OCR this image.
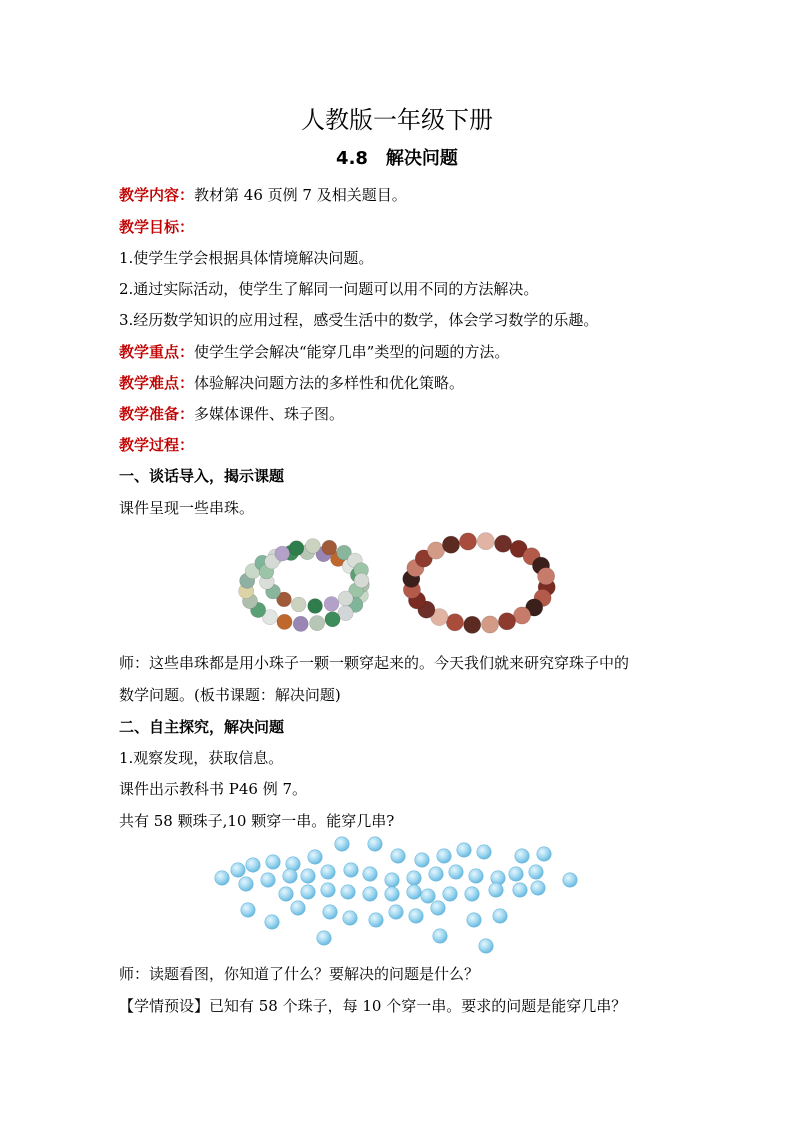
人教版一年级下册
4.8　解决问题
教学内容：教材第 46 页例 7 及相关题目。
教学目标：
1.使学生学会根据具体情境解决问题。
2.通过实际活动，使学生了解同一问题可以用不同的方法解决。
3.经历数学知识的应用过程，感受生活中的数学，体会学习数学的乐趣。
教学重点：使学生学会解决“能穿几串”类型的问题的方法。
教学难点：体验解决问题方法的多样性和优化策略。
教学准备：多媒体课件、珠子图。
教学过程：
一、谈话导入，揭示课题
课件呈现一些串珠。
师：这些串珠都是用小珠子一颗一颗穿起来的。今天我们就来研究穿珠子中的
数学问题。(板书课题：解决问题)
二、自主探究，解决问题
1.观察发现，获取信息。
课件出示教科书 P46 例 7。
共有 58 颗珠子,10 颗穿一串。能穿几串?
师：读题看图，你知道了什么？要解决的问题是什么？
【学情预设】已知有 58 个珠子，每 10 个穿一串。要求的问题是能穿几串？
